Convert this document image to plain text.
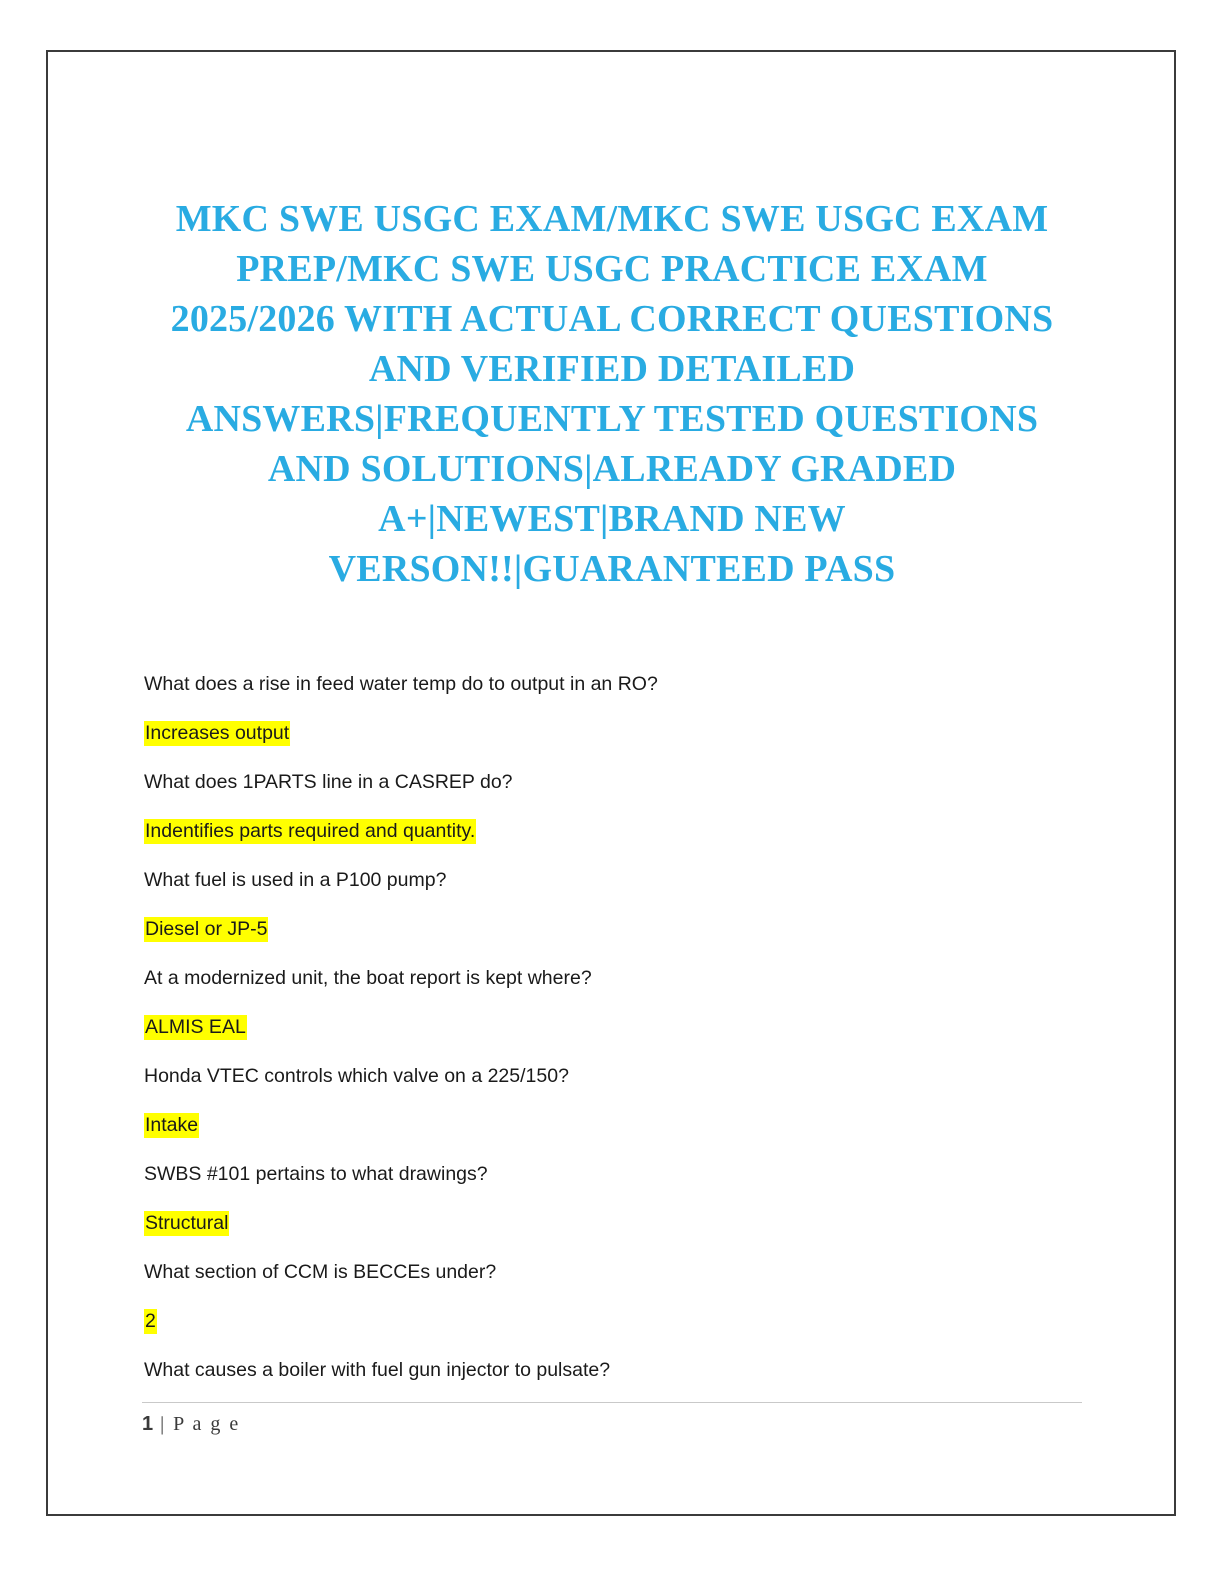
MKC SWE USGC EXAM/MKC SWE USGC EXAM PREP/MKC SWE USGC PRACTICE EXAM 2025/2026 WITH ACTUAL CORRECT QUESTIONS AND VERIFIED DETAILED ANSWERS|FREQUENTLY TESTED QUESTIONS AND SOLUTIONS|ALREADY GRADED A+|NEWEST|BRAND NEW VERSON!!|GUARANTEED PASS
What does a rise in feed water temp do to output in an RO?
Increases output
What does 1PARTS line in a CASREP do?
Indentifies parts required and quantity.
What fuel is used in a P100 pump?
Diesel or JP-5
At a modernized unit, the boat report is kept where?
ALMIS EAL
Honda VTEC controls which valve on a 225/150?
Intake
SWBS #101 pertains to what drawings?
Structural
What section of CCM is BECCEs under?
2
What causes a boiler with fuel gun injector to pulsate?
1 | P a g e
